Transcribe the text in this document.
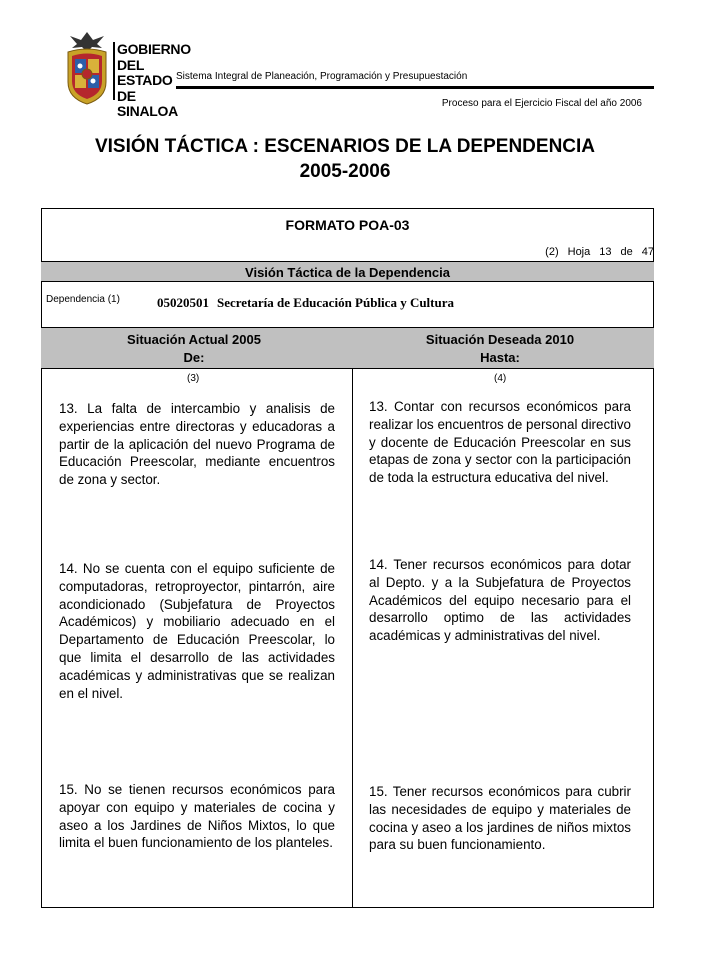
GOBIERNO DEL ESTADO DE SINALOA
Sistema Integral de Planeación, Programación y Presupuestación
Proceso para el Ejercicio Fiscal del año 2006
VISIÓN TÁCTICA : ESCENARIOS DE LA DEPENDENCIA
2005-2006
FORMATO POA-03
(2) Hoja 13 de 47
Visión Táctica de la Dependencia
Dependencia (1)	05020501 Secretaría de Educación Pública y Cultura
Situación Actual 2005
De:
Situación Deseada 2010
Hasta:
(3)	(4)
13. La falta de intercambio y analisis de experiencias entre directoras y educadoras a partir de la aplicación del nuevo Programa de Educación Preescolar, mediante encuentros de zona y sector.
13. Contar con recursos económicos para realizar los encuentros de personal directivo y docente de Educación Preescolar en sus etapas de zona y sector con la participación de toda la estructura educativa del nivel.
14. No se cuenta con el equipo suficiente de computadoras, retroproyector, pintarrón, aire acondicionado (Subjefatura de Proyectos Académicos) y mobiliario adecuado en el Departamento de Educación Preescolar, lo que limita el desarrollo de las actividades académicas y administrativas que se realizan en el nivel.
14. Tener recursos económicos para dotar al Depto. y a la Subjefatura de Proyectos Académicos del equipo necesario para el desarrollo optimo de las actividades académicas y administrativas del nivel.
15. No se tienen recursos económicos para apoyar con equipo y materiales de cocina y aseo a los Jardines de Niños Mixtos, lo que limita el buen funcionamiento de los planteles.
15. Tener recursos económicos para cubrir las necesidades de equipo y materiales de cocina y aseo a los jardines de niños mixtos para su buen funcionamiento.
